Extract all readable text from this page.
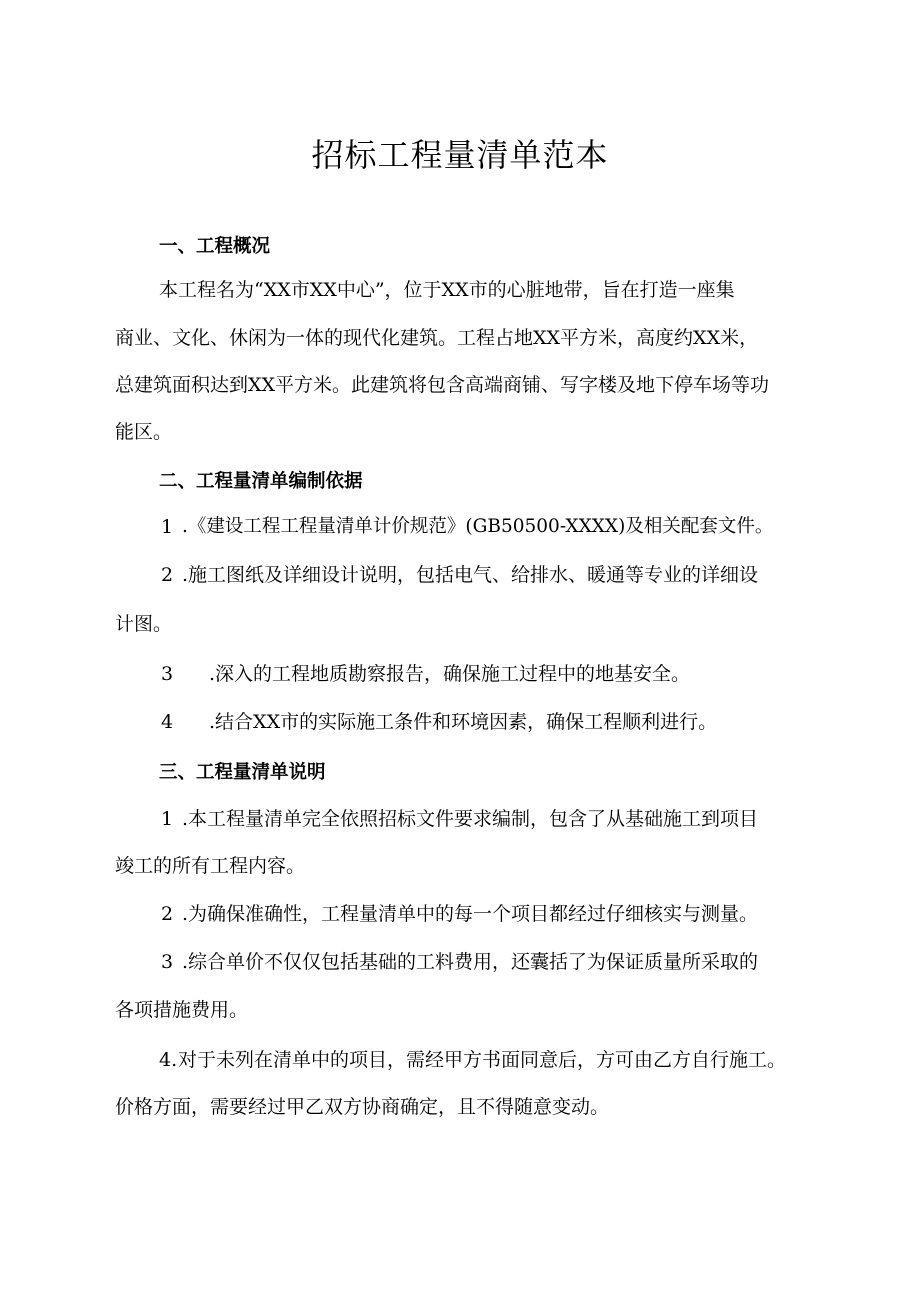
招标工程量清单范本
一、工程概况

本工程名为“XX市XX中心”，位于XX市的心脏地带，旨在打造一座集

商业、文化、休闲为一体的现代化建筑。工程占地XX平方米，高度约XX米，

总建筑面积达到XX平方米。此建筑将包含高端商铺、写字楼及地下停车场等功

能区。

二、工程量清单编制依据
1 .《建设工程工程量清单计价规范》(GB50500-XXXX)及相关配套文件。

2 .施工图纸及详细设计说明，包括电气、给排水、暖通等专业的详细设

计图。

3 .深入的工程地质勘察报告，确保施工过程中的地基安全。

4 .结合XX市的实际施工条件和环境因素，确保工程顺利进行。

三、工程量清单说明
1 .本工程量清单完全依照招标文件要求编制，包含了从基础施工到项目

竣工的所有工程内容。

2 .为确保准确性，工程量清单中的每一个项目都经过仔细核实与测量。

3 .综合单价不仅仅包括基础的工料费用，还囊括了为保证质量所采取的

各项措施费用。

4. 对于未列在清单中的项目，需经甲方书面同意后，方可由乙方自行施工。

价格方面，需要经过甲乙双方协商确定，且不得随意变动。
